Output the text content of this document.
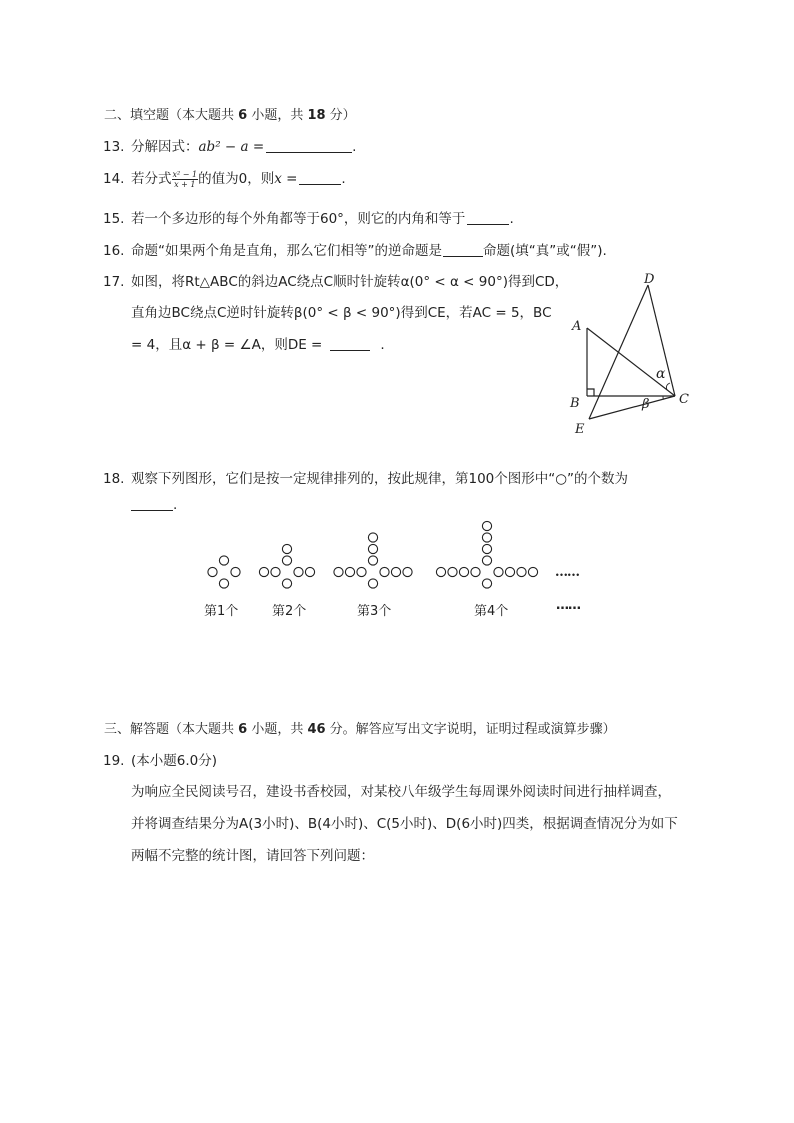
二、填空题（本大题共 6 小题，共 18 分）
13. 分解因式：ab² − a =	.
14. 若分式 $\frac{\text{x² − 1}}{x + 1}$ 的值为0，则x =	.
15. 若一个多边形的每个外角都等于60°，则它的内角和等于	.
16. 命题“如果两个角是直角，那么它们相等”的逆命题是	命题(填“真”或“假”).
17. 如图，将Rt△ABC的斜边AC绕点C顺时针旋转α(0° < α < 90°)得到CD，
直角边BC绕点C逆时针旋转β(0° < β < 90°)得到CE，若AC = 5，BC
= 4，且α + β = ∠A，则DE =	.
A
B	C
D
E
α
β
18. 观察下列图形，它们是按一定规律排列的，按此规律，第100个图形中“○”的个数为
.
……
第1个	第2个	第3个	第4个	……
三、解答题（本大题共 6 小题，共 46 分。解答应写出文字说明，证明过程或演算步骤）
19. (本小题6.0分)
为响应全民阅读号召，建设书香校园，对某校八年级学生每周课外阅读时间进行抽样调查，
并将调查结果分为A(3小时)、B(4小时)、C(5小时)、D(6小时)四类，根据调查情况分为如下
两幅不完整的统计图，请回答下列问题：
